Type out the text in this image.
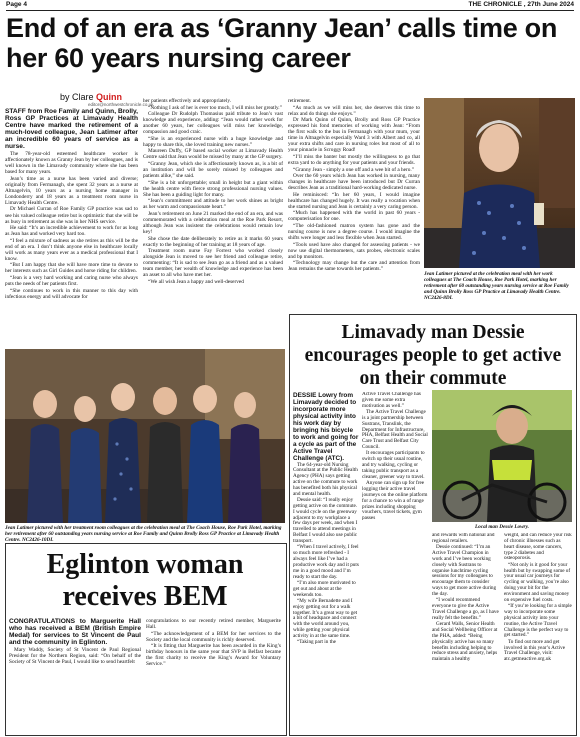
Page 4	THE CHRONICLE , 27th June 2024
End of an era as ‘Granny Jean’ calls time on her 60 years nursing career
by Clare Quinn
editor@northwestchronicle.co.uk

STAFF from Roe Family and Quinn, Brolly, Ross GP Practices at Limavady Health Centre have marked the retirement of a much-loved colleague, Jean Latimer after an incredible 60 years of service as a nurse.

The 78-year-old esteemed healthcare worker is affectionately known as Granny Jean by her colleagues, and is well known in the Limavady community where she has been based for many years.

Jean’s time as a nurse has been varied and diverse; originally from Fermanagh, she spent 32 years as a nurse at Altnagelvin, 10 years as a nursing home manager in Londonderry and 18 years as a treatment room nurse in Limavady Health Centre.

Dr Michael Curran of Roe Family GP practice was sad to see his valued colleague retire but is optimistic that she will be as busy in retirement as she was in her NHS service.

He said: “It’s an incredible achievement to work for as long as Jean has and worked very hard too.

“I feel a mixture of sadness as she retires as this will be the end of an era. I don’t think anyone else in healthcare locally will work as many years ever as a medical professional that I know.

“But I am happy that she will have more time to devote to her interests such as Girl Guides and horse riding for children.

“Jean is a very hard working and caring nurse who always puts the needs of her patients first.

“She continues to work in this manner to this day with infectious energy and will advocate for

her patients effectively and appropriately.

“Nothing I ask of her is ever too much, I will miss her greatly.”

Colleague Dr Rudolph Thomasius paid tribute to Jean’s vast knowledge and experience, adding: “Jean would rather work for another 60 years, her colleagues will miss her knowledge, compassion and good craic.

“She is an experienced nurse with a huge knowledge and happy to share this, she loved training new nurses.”

Maureen Duffy, GP based social worker at Limavady Health Centre said that Jean would be missed by many at the GP surgery.

“Granny Jean, which she is affectionately known as, is a bit of an institution and will be sorely missed by colleagues and patients alike,” she said.

“She is a bit unforgettable; small in height but a giant within the health centre with fierce strong professional nursing values. She has been a guiding light for many.

“Jean’s commitment and attitude to her work shines as bright as her warm and compassionate heart.”

Jean’s retirement on June 21 marked the end of an era, and was commemorated with a celebration meal at the Roe Park Resort, although Jean was insistent the celebrations would remain low key!

She chose the date deliberately to retire as it marks 60 years exactly to the beginning of her training at 18 years of age.

Treatment room nurse Fay Forrest who worked closely alongside Jean is moved to see her friend and colleague retire, commenting: “It is sad to see Jean go as a friend and as a valued team member, her wealth of knowledge and experience has been an asset to all who have met her.

“We all wish Jean a happy and well-deserved

retirement.

“As much as we will miss her, she deserves this time to relax and do things she enjoys.”

Dr Mark Quinn of Quinn, Brolly and Ross GP Practice expressed his fond memories of working with Jean: “From the first walk to the bus in Fermanagh with your mum, your time in Altnagelvin especially Ward 3 with Albert and co, all your extra shifts and care in nursing roles but most of all to your pinnacle in Scroggy Road!

“I’ll miss the banter but mostly the willingness to go that extra yard to do anything for your patients and your friends.

“Granny Jean - simply a one off and a wee bit of a hero.”

Over the 60 years which Jean has worked in nursing, many changes in healthcare have been introduced but Dr Curran describes Jean as a traditional hard-working dedicated nurse.

He reminisced: “In her 60 years, I would imagine healthcare has changed hugely. It was really a vocation when she started nursing and Jean is certainly a very caring person.

“Much has happened with the world in past 60 years - computerisation for one.

“The old-fashioned matron system has gone and the nursing course is now a degree course. I would imagine the shifts were longer and less flexible when Jean started.

“Tools used have also changed for assessing patients - we now use digital thermometers, sats probes, electronic scales and bp monitors.

“Technology may change but the care and attention from Jean remains the same towards her patients.”

Jean Latimer pictured at the celebration meal with her work colleagues at The Coach House, Roe Park Hotel, marking her retirement after 60 outstanding years nursing service at Roe Family and Quinn Brolly Ross GP Practice at Limavady Health Centre. NC2426-8DL
Jean Latimer pictured with her treatment room colleagues at the celebration meal at The Coach House, Roe Park Hotel, marking her retirement after 60 outstanding years nursing service at Roe Family and Quinn Brolly Ross GP Practice at Limavady Health Centre. NC2426-10DL
Limavady man Dessie encourages people to get active on their commute
Local man Dessie Lowry.

DESSIE Lowry from Limavady decided to incorporate more physical activity into his work day by bringing his bicycle to work and going for a cycle as part of the Active Travel Challenge (ATC).

The 64-year-old Nursing Consultant at the Public Health Agency (PHA) says getting active on the commute to work has benefited both his physical and mental health.

Dessie said: “I really enjoy getting active on the commute. I would cycle on the greenway adjacent to my workplace a few days per week, and when I travelled to attend meetings in Belfast I would also use public transport.

“When I travel actively, I feel so much more refreshed - I always feel like I’ve had a productive work day and it puts me in a good mood and I’m ready to start the day.

“I’m also more motivated to get out and about at the weekends too.

“My wife Bernadette and I enjoy getting out for a walk together. It’s a great way to get a bit of headspace and connect with the world around you, while getting your physical activity in at the same time.

“Taking part in the

Active Travel Challenge has given me some extra motivation as well.”

The Active Travel Challenge is a joint partnership between Sustrans, Translink, the Department for Infrastructure, PHA, Belfast Health and Social Care Trust and Belfast City Council.

It encourages participants to switch up their usual routine, and try walking, cycling or taking public transport as a cleaner, greener way to travel.

Anyone can sign up for free logging their active travel journeys on the online platform for a chance to win a of range prizes including shopping vouchers, travel tickets, gym passes

and rewards with national and regional retailers.

Dessie continued: “I’m an Active Travel Champion in work and I’ve been working closely with Sustrans to organise lunchtime cycling sessions for my colleagues to encourage them to consider ways to get more active during the day.

“I would recommend everyone to give the Active Travel Challenge a go, as I have really felt the benefits.”

Gerard Walls, Senior Health and Social Wellbeing Officer at the PHA, added: “Being physically active has so many benefits including helping to reduce stress and anxiety, helps maintain a healthy

weight, and can reduce your risk of chronic illnesses such as heart disease, some cancers, type 2 diabetes and osteoporosis.

“Not only is it good for your health but by swapping some of your usual car journeys for cycling or walking, you’re also doing your bit for the environment and saving money on expensive fuel costs.

“If you’re looking for a simple way to incorporate some physical activity into your routine, the Active Travel Challenge is the perfect way to get started.”

To find out more and get involved in this year’s Active Travel Challenge, visit: atc.getmeactive.org.uk

Eglinton woman receives BEM

CONGRATULATIONS to Marguerite Hall who has received a BEM (British Empire Medal) for services to St Vincent de Paul and the community in Eglinton.

Mary Waddy, Society of St Vincent de Paul Regional President for the Northern Region, said: “On behalf of the Society of St Vincent de Paul, I would like to send heartfelt

congratulations to our recently retired member, Marguerite Hall.

“The acknowledgement of a BEM for her services to the Society and the local community is richly deserved.

“It is fitting that Marguerite has been awarded in the King’s birthday honours in the same year that SVP in Belfast became the first charity to receive the King’s Award for Voluntary Service.”
